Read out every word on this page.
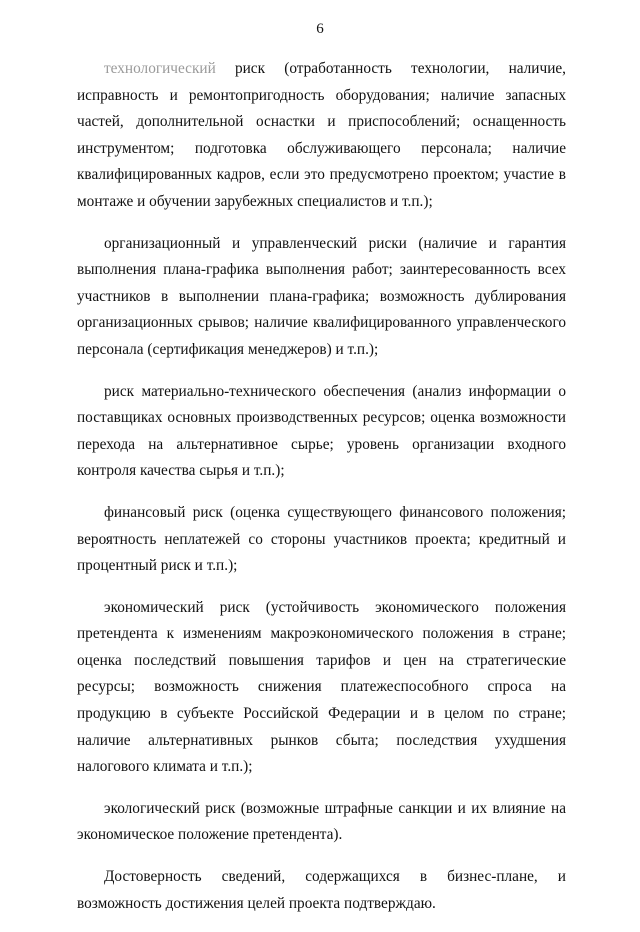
6

технологический риск (отработанность технологии, наличие, исправность и ремонтопригодность оборудования; наличие запасных частей, дополнительной оснастки и приспособлений; оснащенность инструментом; подготовка обслуживающего персонала; наличие квалифицированных кадров, если это предусмотрено проектом; участие в монтаже и обучении зарубежных специалистов и т.п.);

организационный и управленческий риски (наличие и гарантия выполнения плана-графика выполнения работ; заинтересованность всех участников в выполнении плана-графика; возможность дублирования организационных срывов; наличие квалифицированного управленческого персонала (сертификация менеджеров) и т.п.);

риск материально-технического обеспечения (анализ информации о поставщиках основных производственных ресурсов; оценка возможности перехода на альтернативное сырье; уровень организации входного контроля качества сырья и т.п.);

финансовый риск (оценка существующего финансового положения; вероятность неплатежей со стороны участников проекта; кредитный и процентный риск и т.п.);

экономический риск (устойчивость экономического положения претендента к изменениям макроэкономического положения в стране; оценка последствий повышения тарифов и цен на стратегические ресурсы; возможность снижения платежеспособного спроса на продукцию в субъекте Российской Федерации и в целом по стране; наличие альтернативных рынков сбыта; последствия ухудшения налогового климата и т.п.);

экологический риск (возможные штрафные санкции и их влияние на экономическое положение претендента).

Достоверность сведений, содержащихся в бизнес-плане, и возможность достижения целей проекта подтверждаю.
